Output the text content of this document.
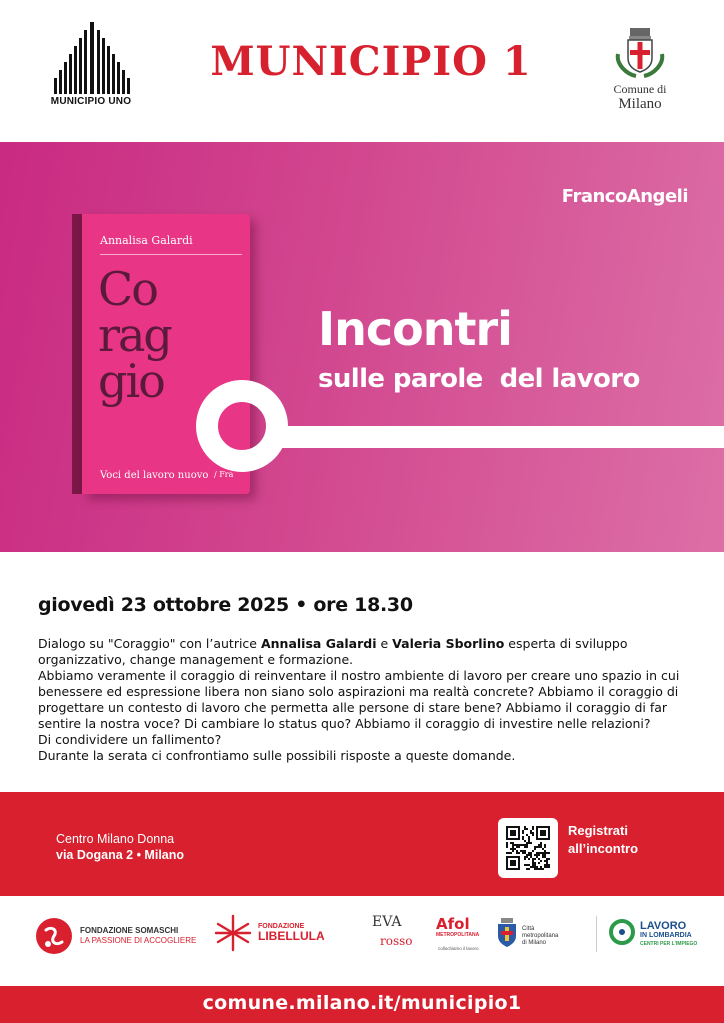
MUNICIPIO UNO
MUNICIPIO 1
Comune di
Milano
FrancoAngeli
Annalisa Galardi
Co
rag
gio
Voci del lavoro nuovo / Fra
Incontri
sulle parole  del lavoro
giovedì 23 ottobre 2025 • ore 18.30

Dialogo su "Coraggio" con l’autrice Annalisa Galardi e Valeria Sborlino esperta di sviluppo organizzativo, change management e formazione.

Abbiamo veramente il coraggio di reinventare il nostro ambiente di lavoro per creare uno spazio in cui benessere ed espressione libera non siano solo aspirazioni ma realtà concrete? Abbiamo il coraggio di progettare un contesto di lavoro che permetta alle persone di stare bene? Abbiamo il coraggio di far sentire la nostra voce? Di cambiare lo status quo? Abbiamo il coraggio di investire nelle relazioni?

Di condividere un fallimento?

Durante la serata ci confrontiamo sulle possibili risposte a queste domande.

Centro Milano Donna
via Dogana 2 • Milano
Registrati
all’incontro
FONDAZIONE SOMASCHI
LA PASSIONE DI ACCOGLIERE
FONDAZIONE
LIBELLULA
EVA
rosso
Afol
METROPOLITANA
collochiamo il lavoro
Città
metropolitana
di Milano
LAVORO
IN LOMBARDIA
CENTRI PER L'IMPIEGO
comune.milano.it/municipio1
